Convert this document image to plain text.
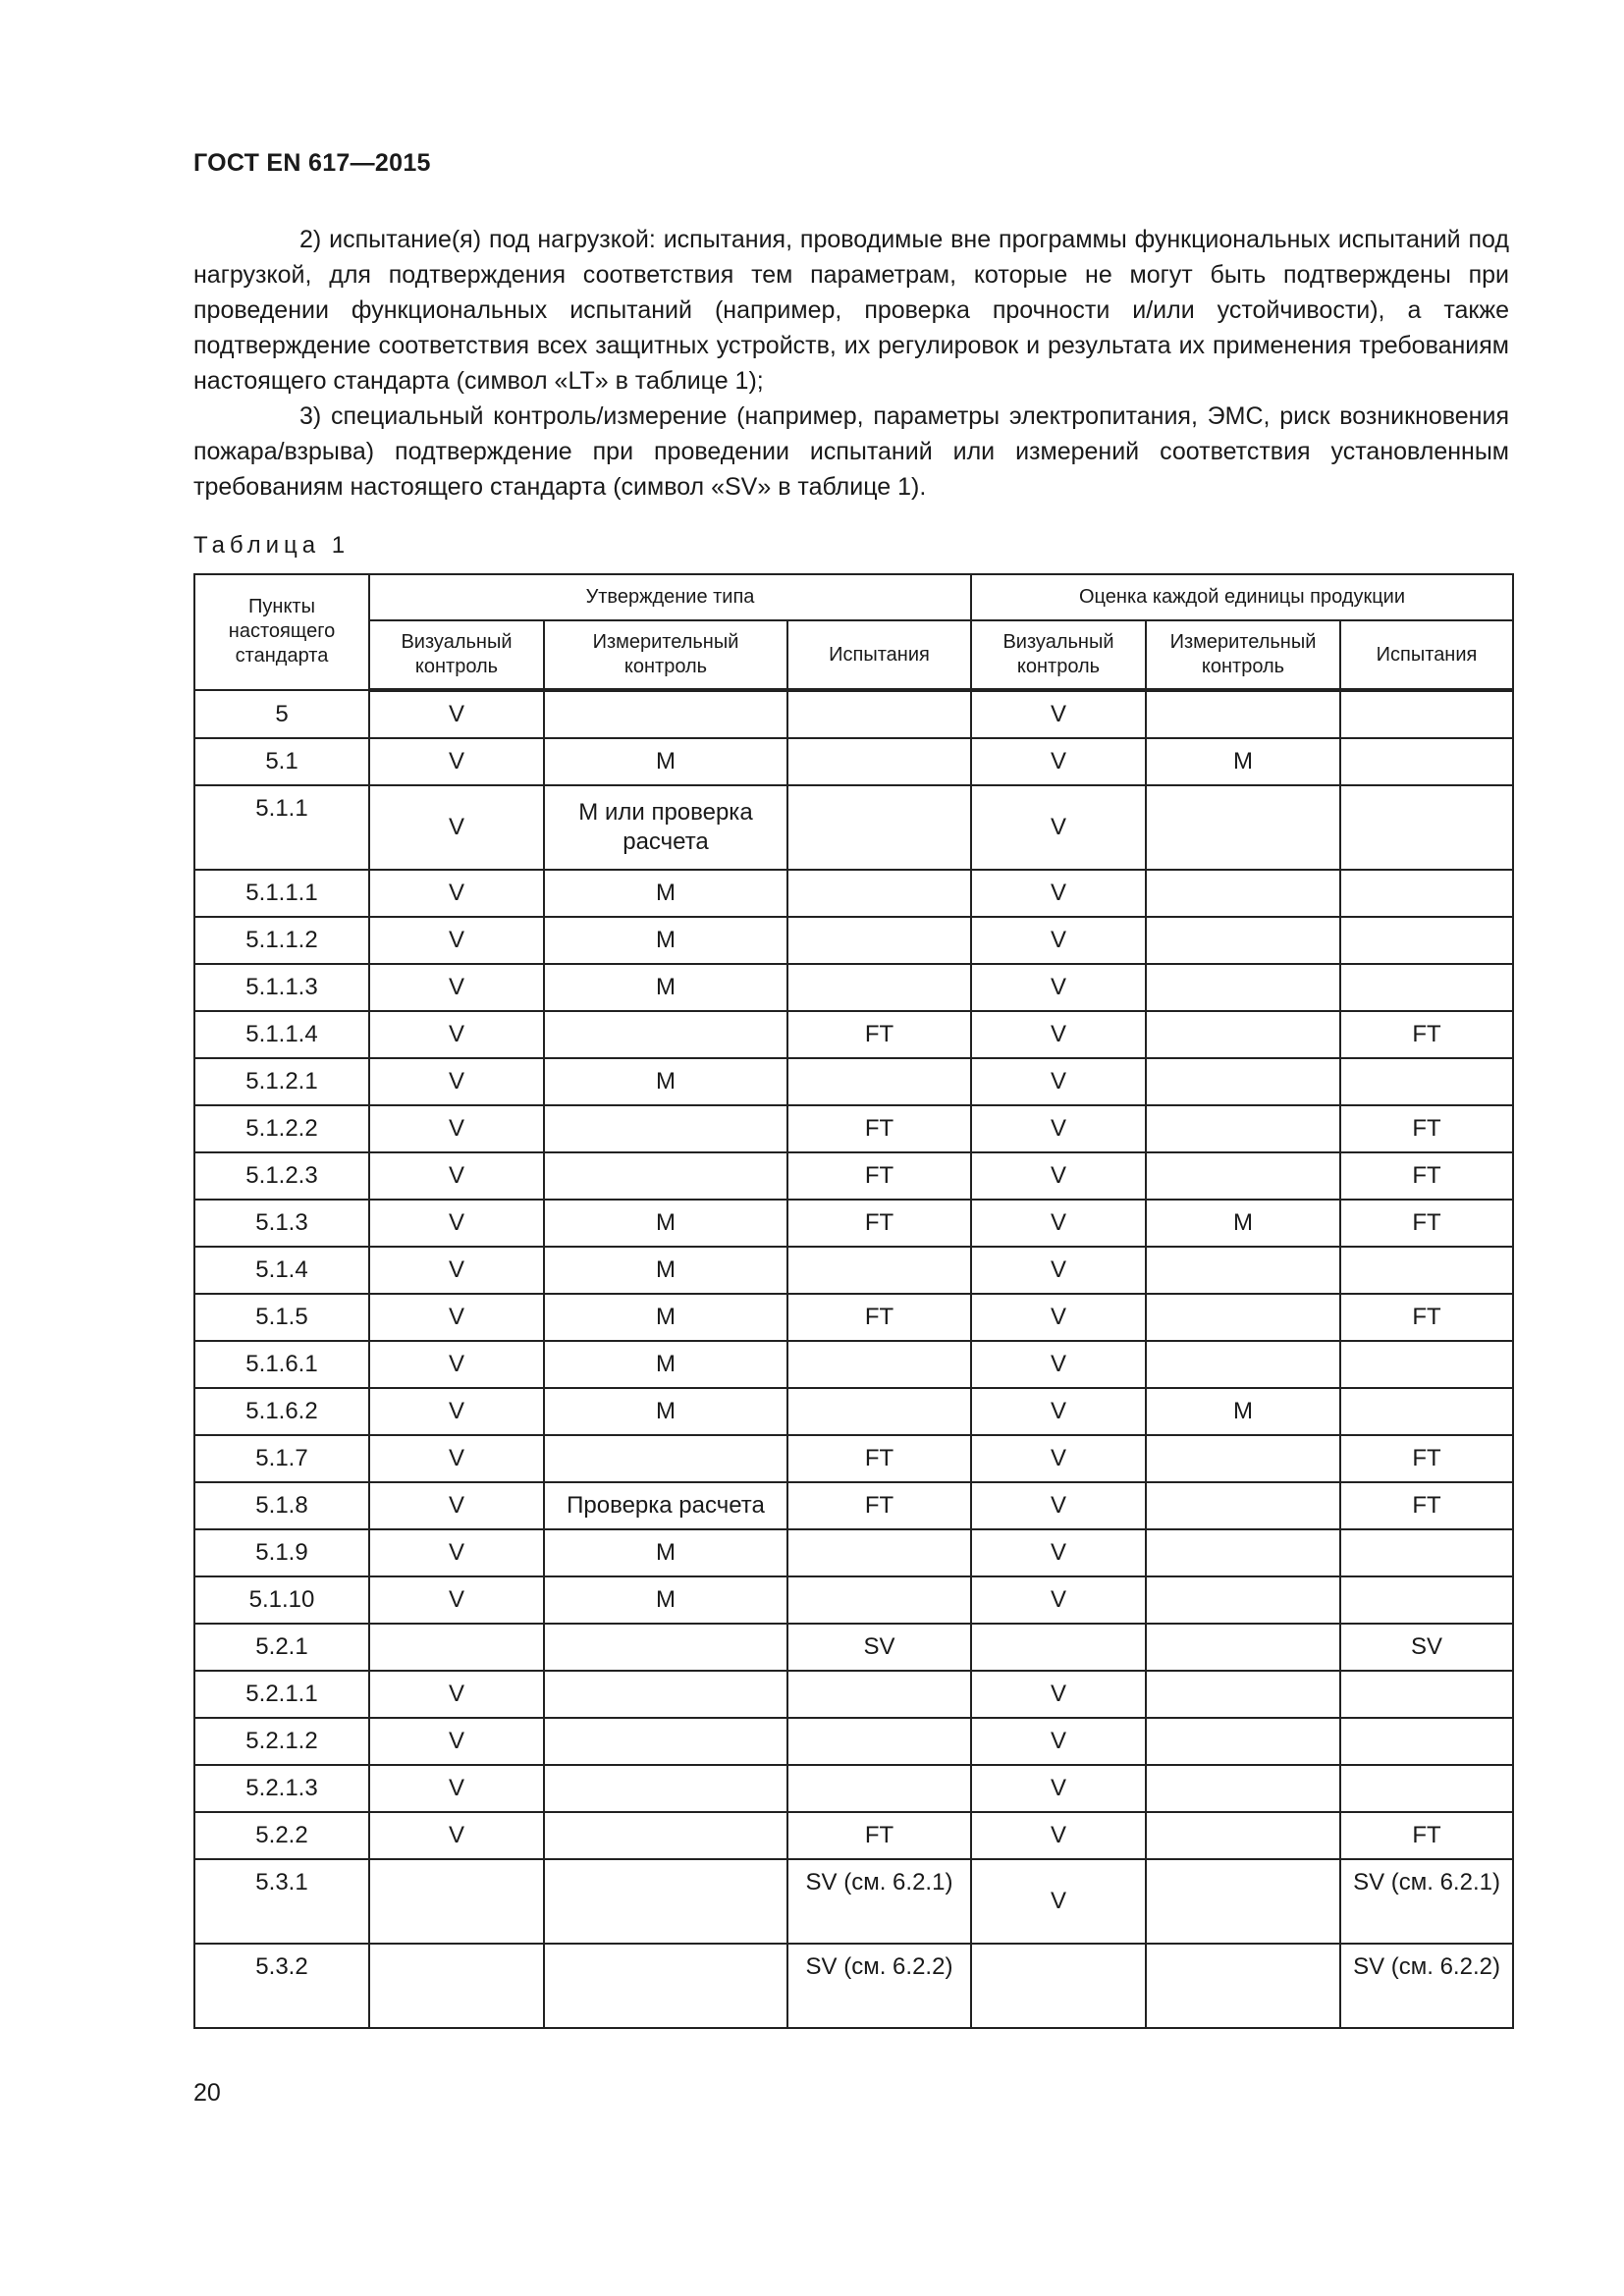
ГОСТ EN 617—2015

2) испытание(я) под нагрузкой: испытания, проводимые вне программы функциональных испытаний под нагрузкой, для подтверждения соответствия тем параметрам, которые не могут быть подтверждены при проведении функциональных испытаний (например, проверка прочности и/или устойчивости), а также подтверждение соответствия всех защитных устройств, их регулировок и результата их применения требованиям настоящего стандарта (символ «LT» в таблице 1);

3) специальный контроль/измерение (например, параметры электропитания, ЭМС, риск возникновения пожара/взрыва) подтверждение при проведении испытаний или измерений соответствия установленным требованиям настоящего стандарта (символ «SV» в таблице 1).

Таблица 1
Пункты настоящего стандарта	Утверждение типа			Оценка каждой единицы продукции		
	Визуальный контроль	Измерительный контроль	Испытания	Визуальный контроль	Измерительный контроль	Испытания
5	V			V		
5.1	V	M		V	M	
5.1.1	V	M или проверка расчета		V		
5.1.1.1	V	M		V		
5.1.1.2	V	M		V		
5.1.1.3	V	M		V		
5.1.1.4	V		FT	V		FT
5.1.2.1	V	M		V		
5.1.2.2	V		FT	V		FT
5.1.2.3	V		FT	V		FT
5.1.3	V	M	FT	V	M	FT
5.1.4	V	M		V		
5.1.5	V	M	FT	V		FT
5.1.6.1	V	M		V		
5.1.6.2	V	M		V	M	
5.1.7	V		FT	V		FT
5.1.8	V	Проверка расчета	FT	V		FT
5.1.9	V	M		V		
5.1.10	V	M		V		
5.2.1			SV			SV
5.2.1.1	V			V		
5.2.1.2	V			V		
5.2.1.3	V			V		
5.2.2	V		FT	V		FT
5.3.1			SV (см. 6.2.1)	V		SV (см. 6.2.1)
5.3.2			SV (см. 6.2.2)			SV (см. 6.2.2)
20
